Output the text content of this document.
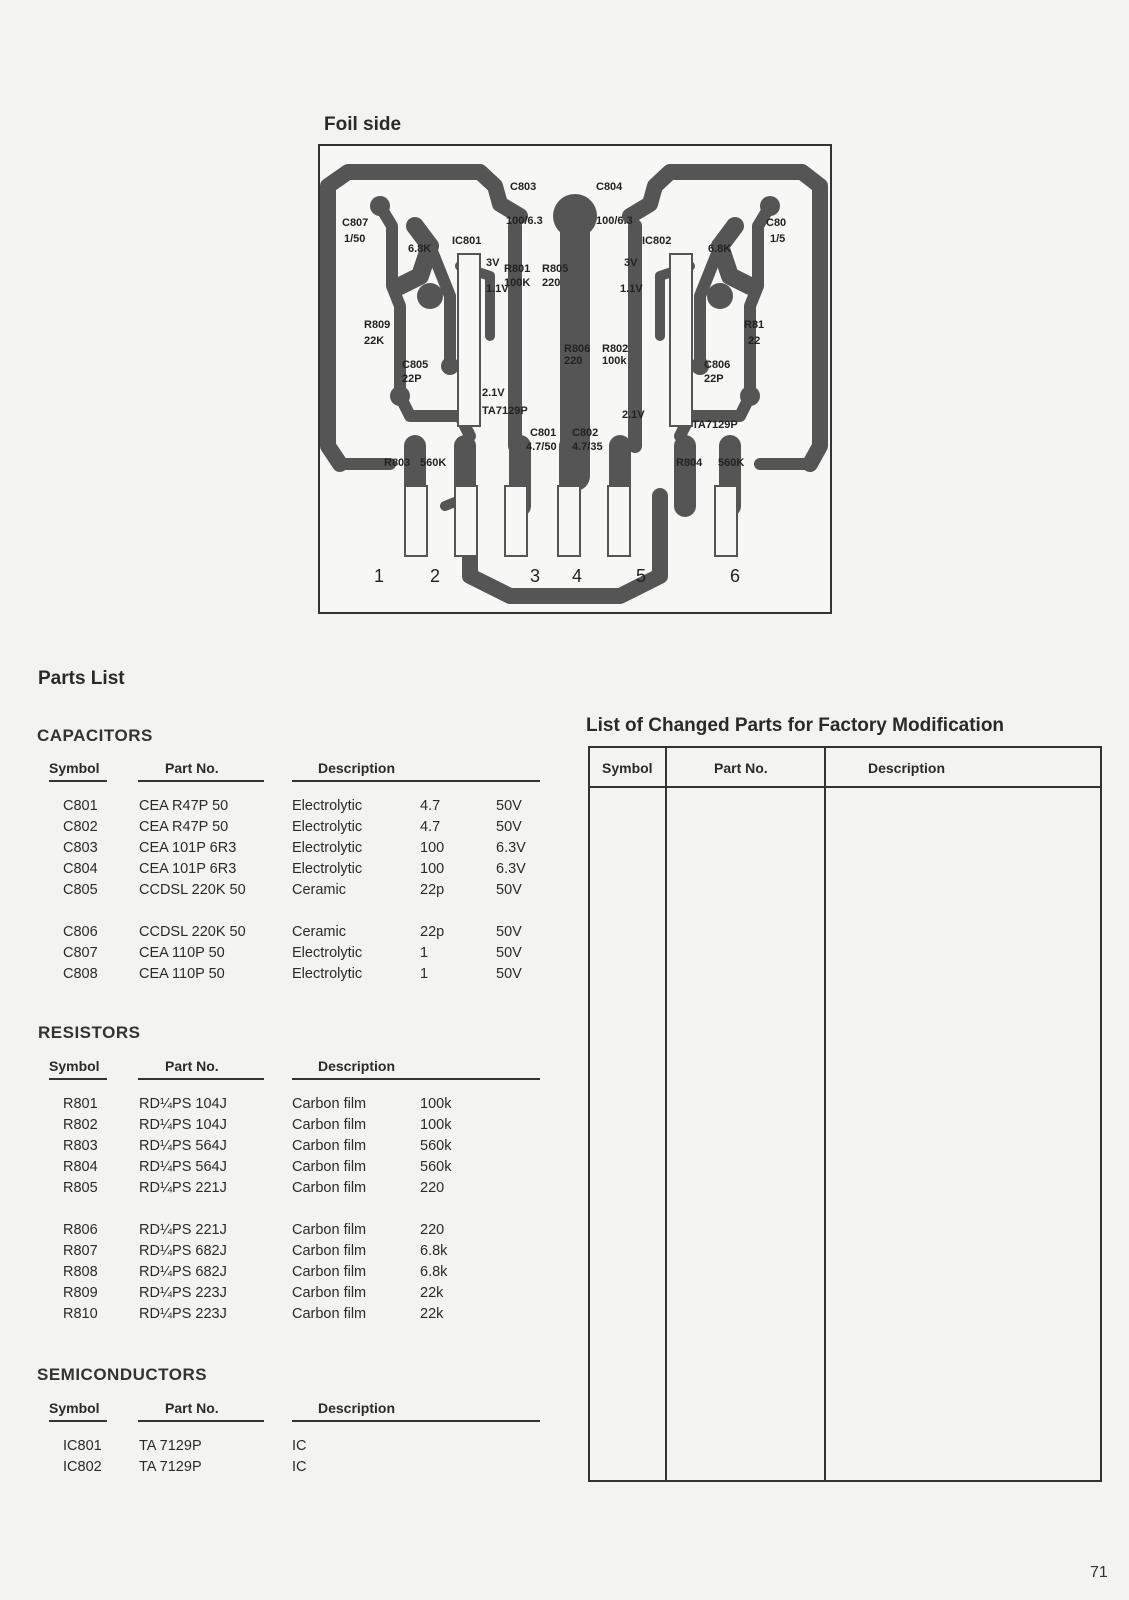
Foil side
C803	C804
100/6.3	100/6.3
C807
1/50
C80
1/5
IC801	IC802
R809
22K
R81
22
6.8K	6.8K
R801
100K
R805
220
R806
220
R802
100k
C805
22P
C806
22P
C801
4.7/50
C802
4.7/35
TA7129P
TA7129P
3V
1.1V
2.1V
3V
1.1V
2.1V
R803 560K	R804 560K
1	2	3 4	5	6
Parts List
CAPACITORS
Symbol	Part No.	Description
C801	CEA R47P 50	Electrolytic	4.7	50V
C802	CEA R47P 50	Electrolytic	4.7	50V
C803	CEA 101P 6R3	Electrolytic	100	6.3V
C804	CEA 101P 6R3	Electrolytic	100	6.3V
C805	CCDSL 220K 50	Ceramic	22p	50V
C806	CCDSL 220K 50	Ceramic	22p	50V
C807	CEA 110P 50	Electrolytic	1	50V
C808	CEA 110P 50	Electrolytic	1	50V
RESISTORS
Symbol	Part No.	Description
R801	RD¼PS 104J	Carbon film	100k
R802	RD¼PS 104J	Carbon film	100k
R803	RD¼PS 564J	Carbon film	560k
R804	RD¼PS 564J	Carbon film	560k
R805	RD¼PS 221J	Carbon film	220
R806	RD¼PS 221J	Carbon film	220
R807	RD¼PS 682J	Carbon film	6.8k
R808	RD¼PS 682J	Carbon film	6.8k
R809	RD¼PS 223J	Carbon film	22k
R810	RD¼PS 223J	Carbon film	22k
SEMICONDUCTORS
Symbol	Part No.	Description
IC801	TA 7129P	IC
IC802	TA 7129P	IC
List of Changed Parts for Factory Modification
Symbol	Part No.	Description
71
